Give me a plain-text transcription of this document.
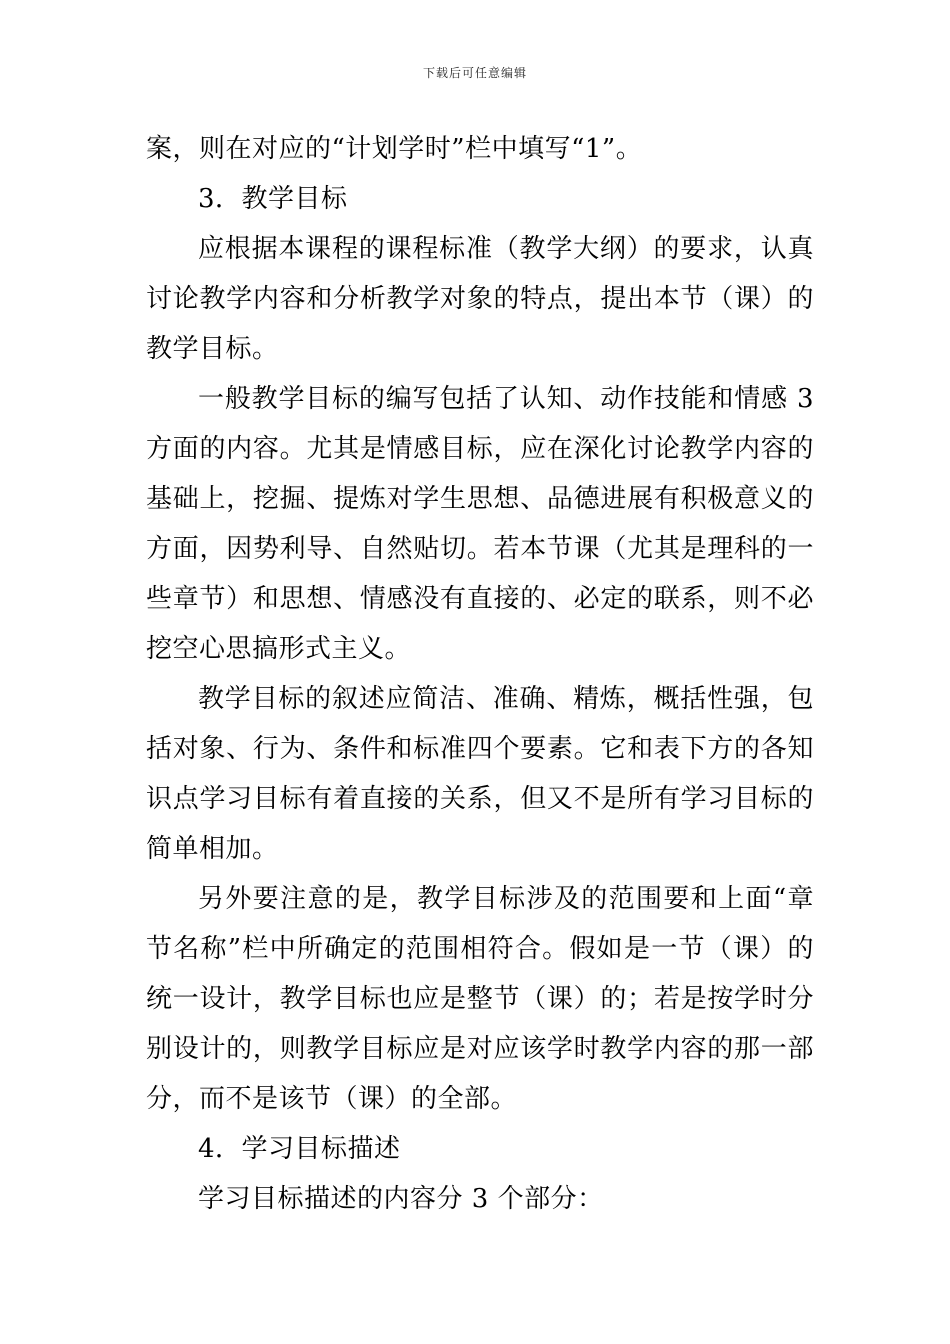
下载后可任意编辑

案，则在对应的“计划学时”栏中填写“1”。

3．教学目标

应根据本课程的课程标准（教学大纲）的要求，认真讨论教学内容和分析教学对象的特点，提出本节（课）的教学目标。

一般教学目标的编写包括了认知、动作技能和情感 3 方面的内容。尤其是情感目标，应在深化讨论教学内容的基础上，挖掘、提炼对学生思想、品德进展有积极意义的方面，因势利导、自然贴切。若本节课（尤其是理科的一些章节）和思想、情感没有直接的、必定的联系，则不必挖空心思搞形式主义。

教学目标的叙述应简洁、准确、精炼，概括性强，包括对象、行为、条件和标准四个要素。它和表下方的各知识点学习目标有着直接的关系，但又不是所有学习目标的简单相加。

另外要注意的是，教学目标涉及的范围要和上面“章节名称”栏中所确定的范围相符合。假如是一节（课）的统一设计，教学目标也应是整节（课）的；若是按学时分别设计的，则教学目标应是对应该学时教学内容的那一部分，而不是该节（课）的全部。

4．学习目标描述

学习目标描述的内容分 3 个部分：
